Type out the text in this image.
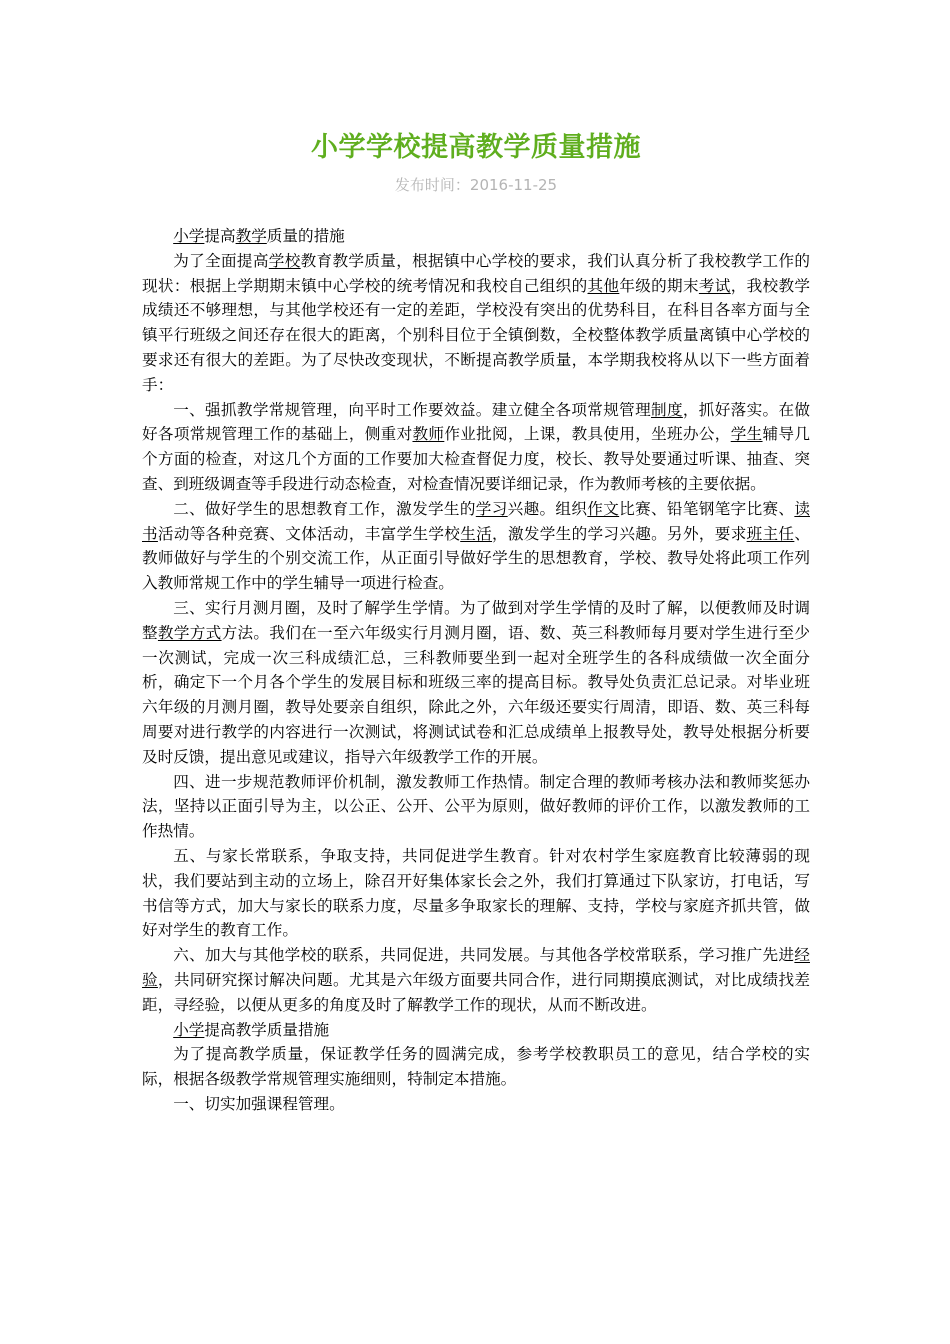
小学学校提高教学质量措施
发布时间：2016-11-25

小学提高教学质量的措施

为了全面提高学校教育教学质量，根据镇中心学校的要求，我们认真分析了我校教学工作的现状：根据上学期期末镇中心学校的统考情况和我校自己组织的其他年级的期末考试，我校教学成绩还不够理想，与其他学校还有一定的差距，学校没有突出的优势科目，在科目各率方面与全镇平行班级之间还存在很大的距离，个别科目位于全镇倒数，全校整体教学质量离镇中心学校的要求还有很大的差距。为了尽快改变现状，不断提高教学质量，本学期我校将从以下一些方面着手：

一、强抓教学常规管理，向平时工作要效益。建立健全各项常规管理制度，抓好落实。在做好各项常规管理工作的基础上，侧重对教师作业批阅，上课，教具使用，坐班办公，学生辅导几个方面的检查，对这几个方面的工作要加大检查督促力度，校长、教导处要通过听课、抽查、突查、到班级调查等手段进行动态检查，对检查情况要详细记录，作为教师考核的主要依据。

二、做好学生的思想教育工作，激发学生的学习兴趣。组织作文比赛、铅笔钢笔字比赛、读书活动等各种竞赛、文体活动，丰富学生学校生活，激发学生的学习兴趣。另外，要求班主任、教师做好与学生的个别交流工作，从正面引导做好学生的思想教育，学校、教导处将此项工作列入教师常规工作中的学生辅导一项进行检查。

三、实行月测月圈，及时了解学生学情。为了做到对学生学情的及时了解，以便教师及时调整教学方式方法。我们在一至六年级实行月测月圈，语、数、英三科教师每月要对学生进行至少一次测试，完成一次三科成绩汇总，三科教师要坐到一起对全班学生的各科成绩做一次全面分析，确定下一个月各个学生的发展目标和班级三率的提高目标。教导处负责汇总记录。对毕业班六年级的月测月圈，教导处要亲自组织，除此之外，六年级还要实行周清，即语、数、英三科每周要对进行教学的内容进行一次测试，将测试试卷和汇总成绩单上报教导处，教导处根据分析要及时反馈，提出意见或建议，指导六年级教学工作的开展。

四、进一步规范教师评价机制，激发教师工作热情。制定合理的教师考核办法和教师奖惩办法，坚持以正面引导为主，以公正、公开、公平为原则，做好教师的评价工作，以激发教师的工作热情。

五、与家长常联系，争取支持，共同促进学生教育。针对农村学生家庭教育比较薄弱的现状，我们要站到主动的立场上，除召开好集体家长会之外，我们打算通过下队家访，打电话，写书信等方式，加大与家长的联系力度，尽量多争取家长的理解、支持，学校与家庭齐抓共管，做好对学生的教育工作。

六、加大与其他学校的联系，共同促进，共同发展。与其他各学校常联系，学习推广先进经验，共同研究探讨解决问题。尤其是六年级方面要共同合作，进行同期摸底测试，对比成绩找差距，寻经验，以便从更多的角度及时了解教学工作的现状，从而不断改进。

小学提高教学质量措施

为了提高教学质量，保证教学任务的圆满完成，参考学校教职员工的意见，结合学校的实际，根据各级教学常规管理实施细则，特制定本措施。

一、切实加强课程管理。
